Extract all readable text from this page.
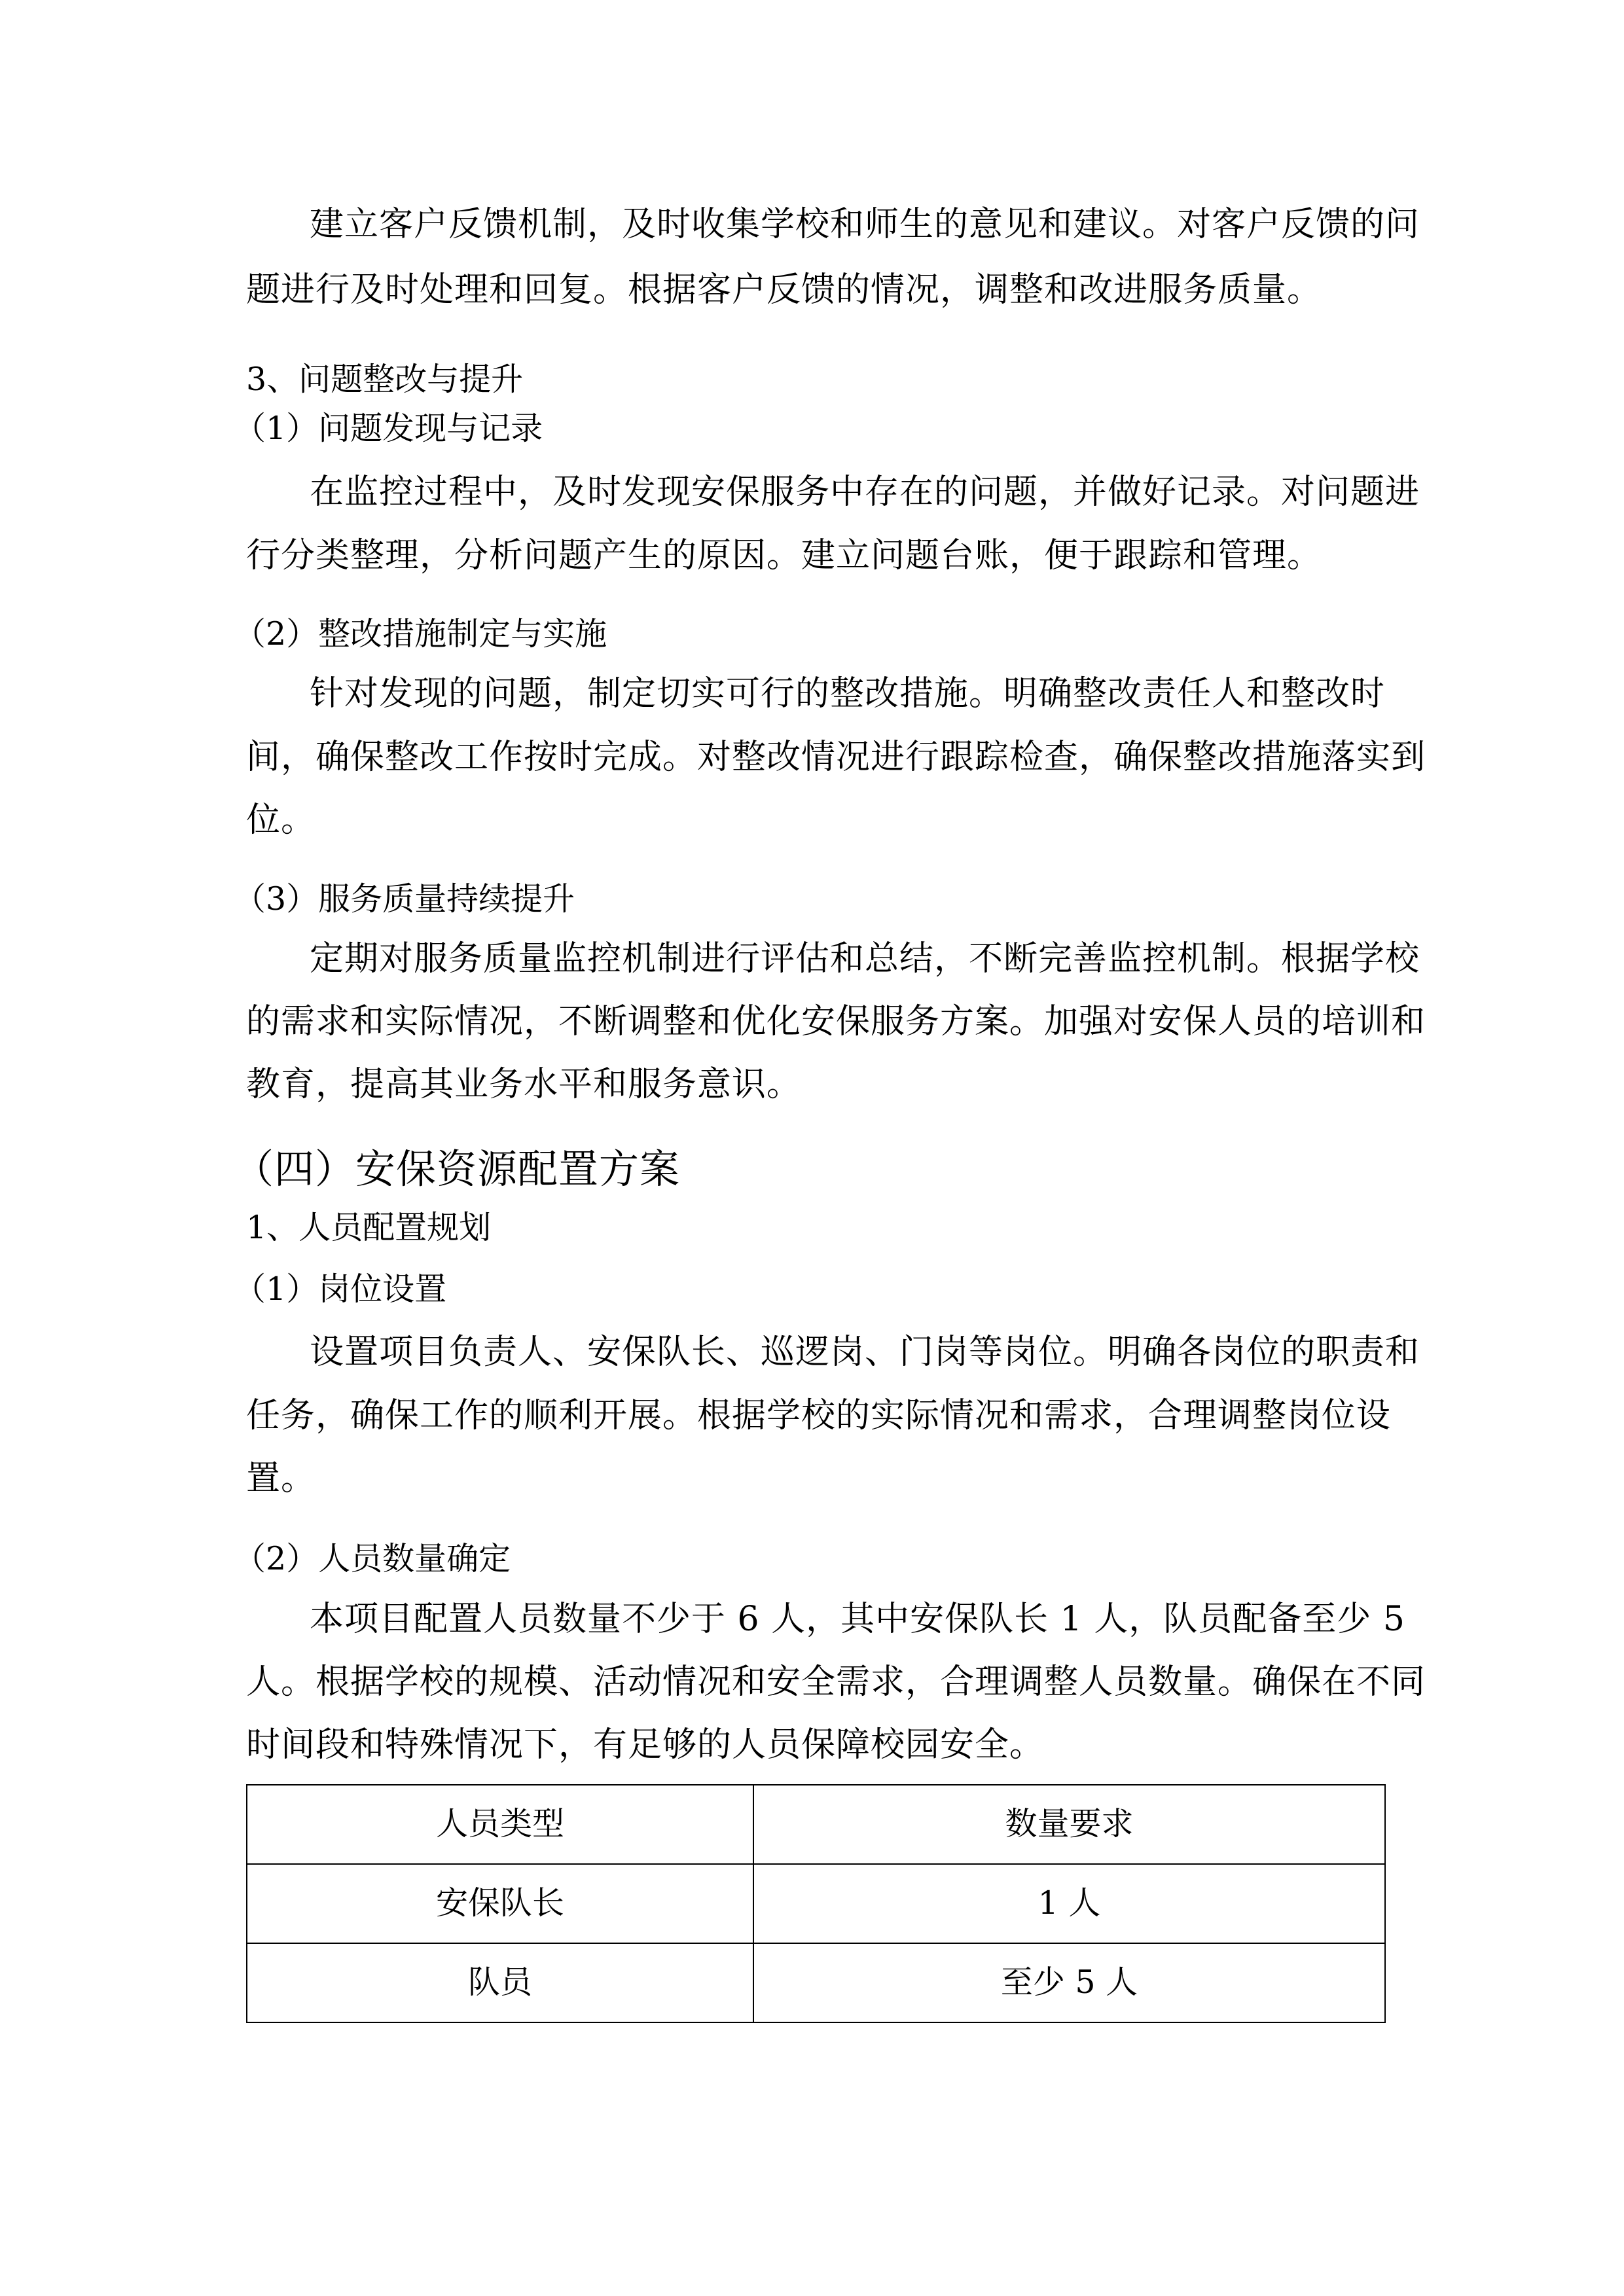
建立客户反馈机制，及时收集学校和师生的意见和建议。对客户反馈的问
题进行及时处理和回复。根据客户反馈的情况，调整和改进服务质量。
3、问题整改与提升
（1）问题发现与记录
在监控过程中，及时发现安保服务中存在的问题，并做好记录。对问题进
行分类整理，分析问题产生的原因。建立问题台账，便于跟踪和管理。
（2）整改措施制定与实施
针对发现的问题，制定切实可行的整改措施。明确整改责任人和整改时
间，确保整改工作按时完成。对整改情况进行跟踪检查，确保整改措施落实到
位。
（3）服务质量持续提升
定期对服务质量监控机制进行评估和总结，不断完善监控机制。根据学校
的需求和实际情况，不断调整和优化安保服务方案。加强对安保人员的培训和
教育，提高其业务水平和服务意识。
（四）安保资源配置方案
1、人员配置规划
（1）岗位设置
设置项目负责人、安保队长、巡逻岗、门岗等岗位。明确各岗位的职责和
任务，确保工作的顺利开展。根据学校的实际情况和需求，合理调整岗位设
置。
（2）人员数量确定
本项目配置人员数量不少于 6 人，其中安保队长 1 人，队员配备至少 5
人。根据学校的规模、活动情况和安全需求，合理调整人员数量。确保在不同
时间段和特殊情况下，有足够的人员保障校园安全。
人员类型	数量要求
安保队长	1 人
队员	至少 5 人
